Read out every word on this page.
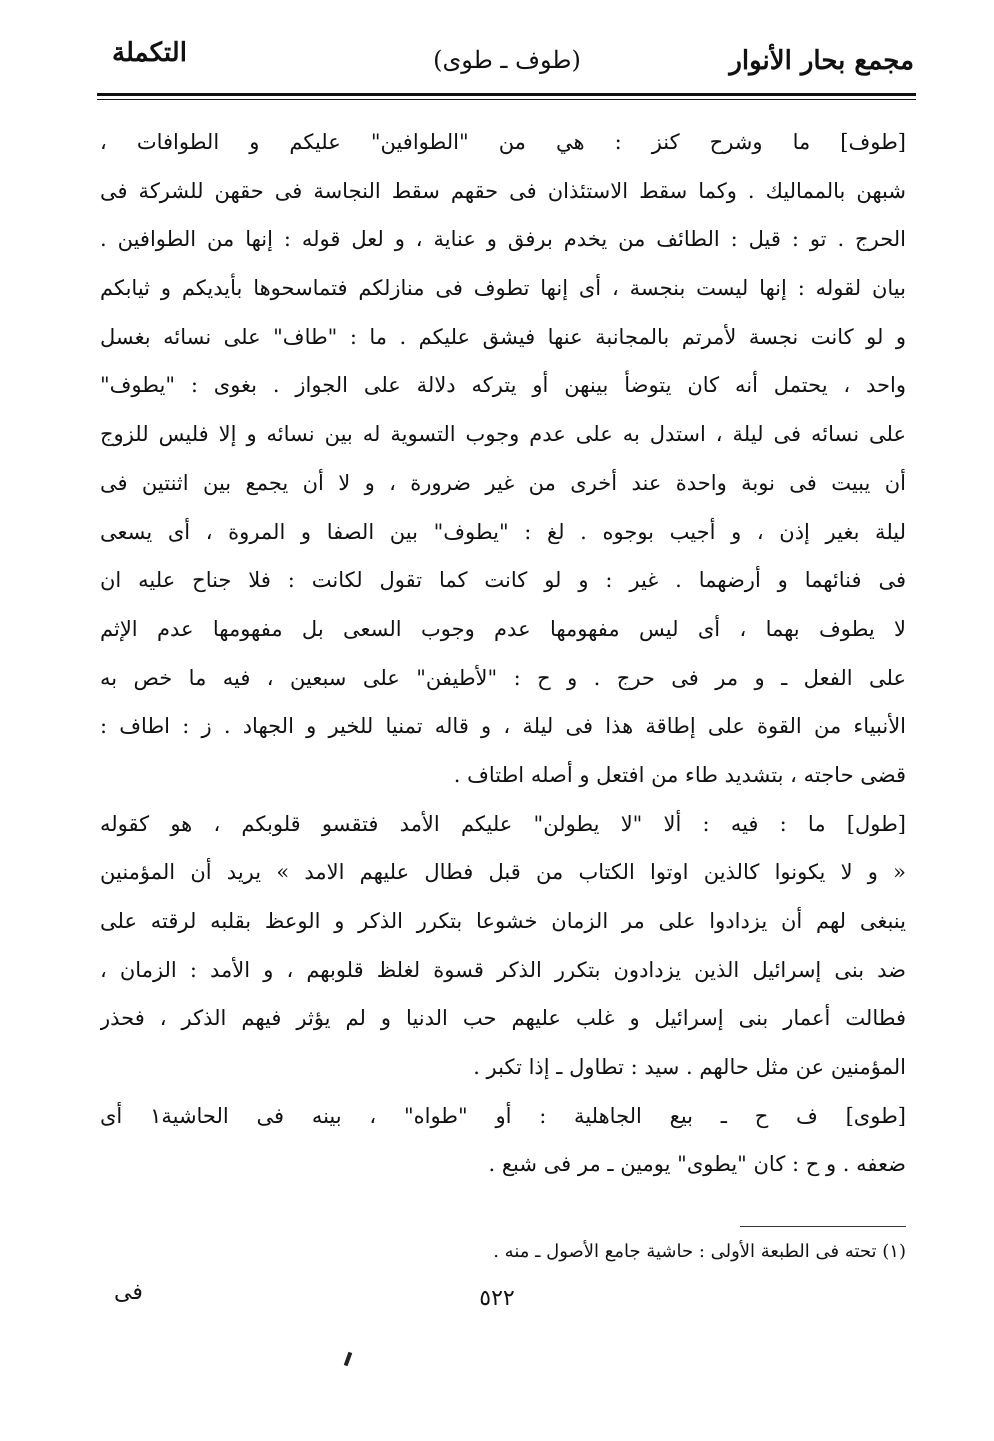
مجمع بحار الأنوار
(طوف ـ طوى)
التكملة
[طوف] ما وشرح كنز : هي من "الطوافين" عليكم و الطوافات ،
شبهن بالمماليك . وكما سقط الاستئذان فى حقهم سقط النجاسة فى حقهن للشركة فى
الحرج . تو : قيل : الطائف من يخدم برفق و عناية ، و لعل قوله : إنها من الطوافين .
بيان لقوله : إنها ليست بنجسة ، أى إنها تطوف فى منازلكم فتماسحوها بأيديكم و ثيابكم
و لو كانت نجسة لأمرتم بالمجانبة عنها فيشق عليكم . ما : "طاف" على نسائه بغسل
واحد ، يحتمل أنه كان يتوضأ بينهن أو يتركه دلالة على الجواز . بغوى : "يطوف"
على نسائه فى ليلة ، استدل به على عدم وجوب التسوية له بين نسائه و إلا فليس للزوج
أن يبيت فى نوبة واحدة عند أخرى من غير ضرورة ، و لا أن يجمع بين اثنتين فى
ليلة بغير إذن ، و أجيب بوجوه . لغ : "يطوف" بين الصفا و المروة ، أى يسعى
فى فنائهما و أرضهما . غير : و لو كانت كما تقول لكانت : فلا جناح عليه ان
لا يطوف بهما ، أى ليس مفهومها عدم وجوب السعى بل مفهومها عدم الإثم
على الفعل ـ و مر فى حرج . و ح : "لأطيفن" على سبعين ، فيه ما خص به
الأنبياء من القوة على إطاقة هذا فى ليلة ، و قاله تمنيا للخير و الجهاد . ز : اطاف :
قضى حاجته ، بتشديد طاء من افتعل و أصله اطتاف .
[طول] ما : فيه : ألا "لا يطولن" عليكم الأمد فتقسو قلوبكم ، هو كقوله
« و لا يكونوا كالذين اوتوا الكتاب من قبل فطال عليهم الامد » يريد أن المؤمنين
ينبغى لهم أن يزدادوا على مر الزمان خشوعا بتكرر الذكر و الوعظ بقلبه لرقته على
ضد بنى إسرائيل الذين يزدادون بتكرر الذكر قسوة لغلظ قلوبهم ، و الأمد : الزمان ،
فطالت أعمار بنى إسرائيل و غلب عليهم حب الدنيا و لم يؤثر فيهم الذكر ، فحذر
المؤمنين عن مثل حالهم . سيد : تطاول ـ إذا تكبر .
[طوى] ف ح ـ بيع الجاهلية : أو "طواه" ، بينه فى الحاشية١ أى
ضعفه . و ح : كان "يطوى" يومين ـ مر فى شبع .
(١) تحته فى الطبعة الأولى : حاشية جامع الأصول ـ منه .
٥٢٢
فى
